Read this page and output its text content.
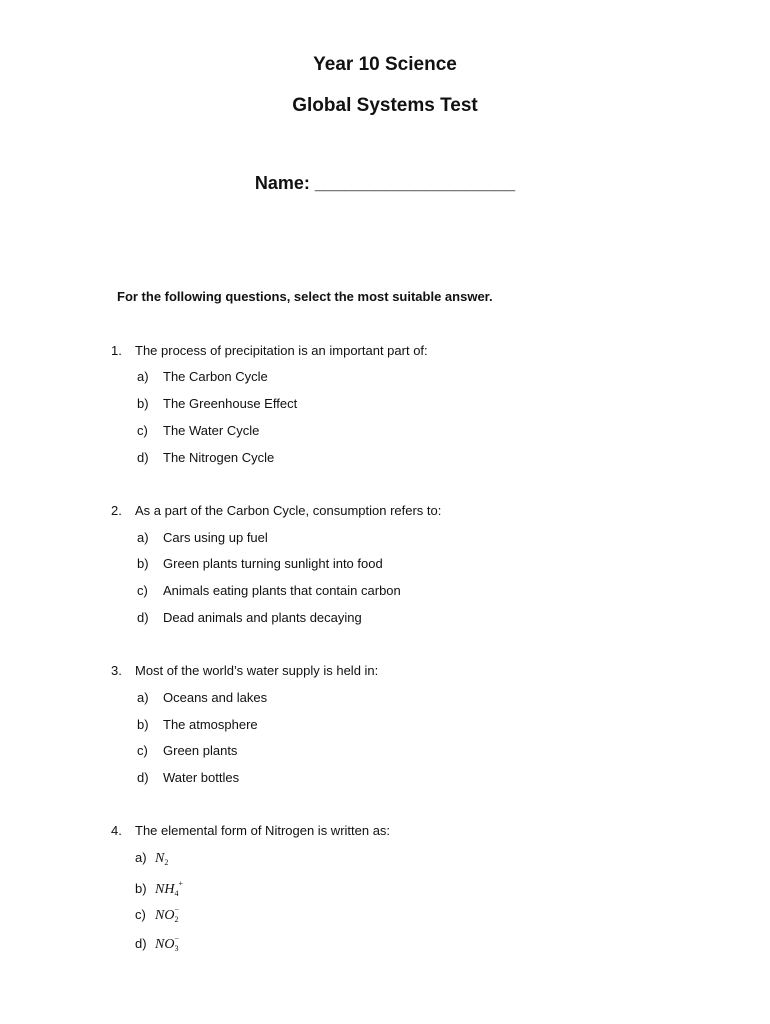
Year 10 Science
Global Systems Test
Name: ____________________
For the following questions, select the most suitable answer.
1. The process of precipitation is an important part of:
a) The Carbon Cycle
b) The Greenhouse Effect
c) The Water Cycle
d) The Nitrogen Cycle
2. As a part of the Carbon Cycle, consumption refers to:
a) Cars using up fuel
b) Green plants turning sunlight into food
c) Animals eating plants that contain carbon
d) Dead animals and plants decaying
3. Most of the world’s water supply is held in:
a) Oceans and lakes
b) The atmosphere
c) Green plants
d) Water bottles
4. The elemental form of Nitrogen is written as:
a) $N_2$
b) $NH_4^+$
c) NO −
2
d) NO −
3
